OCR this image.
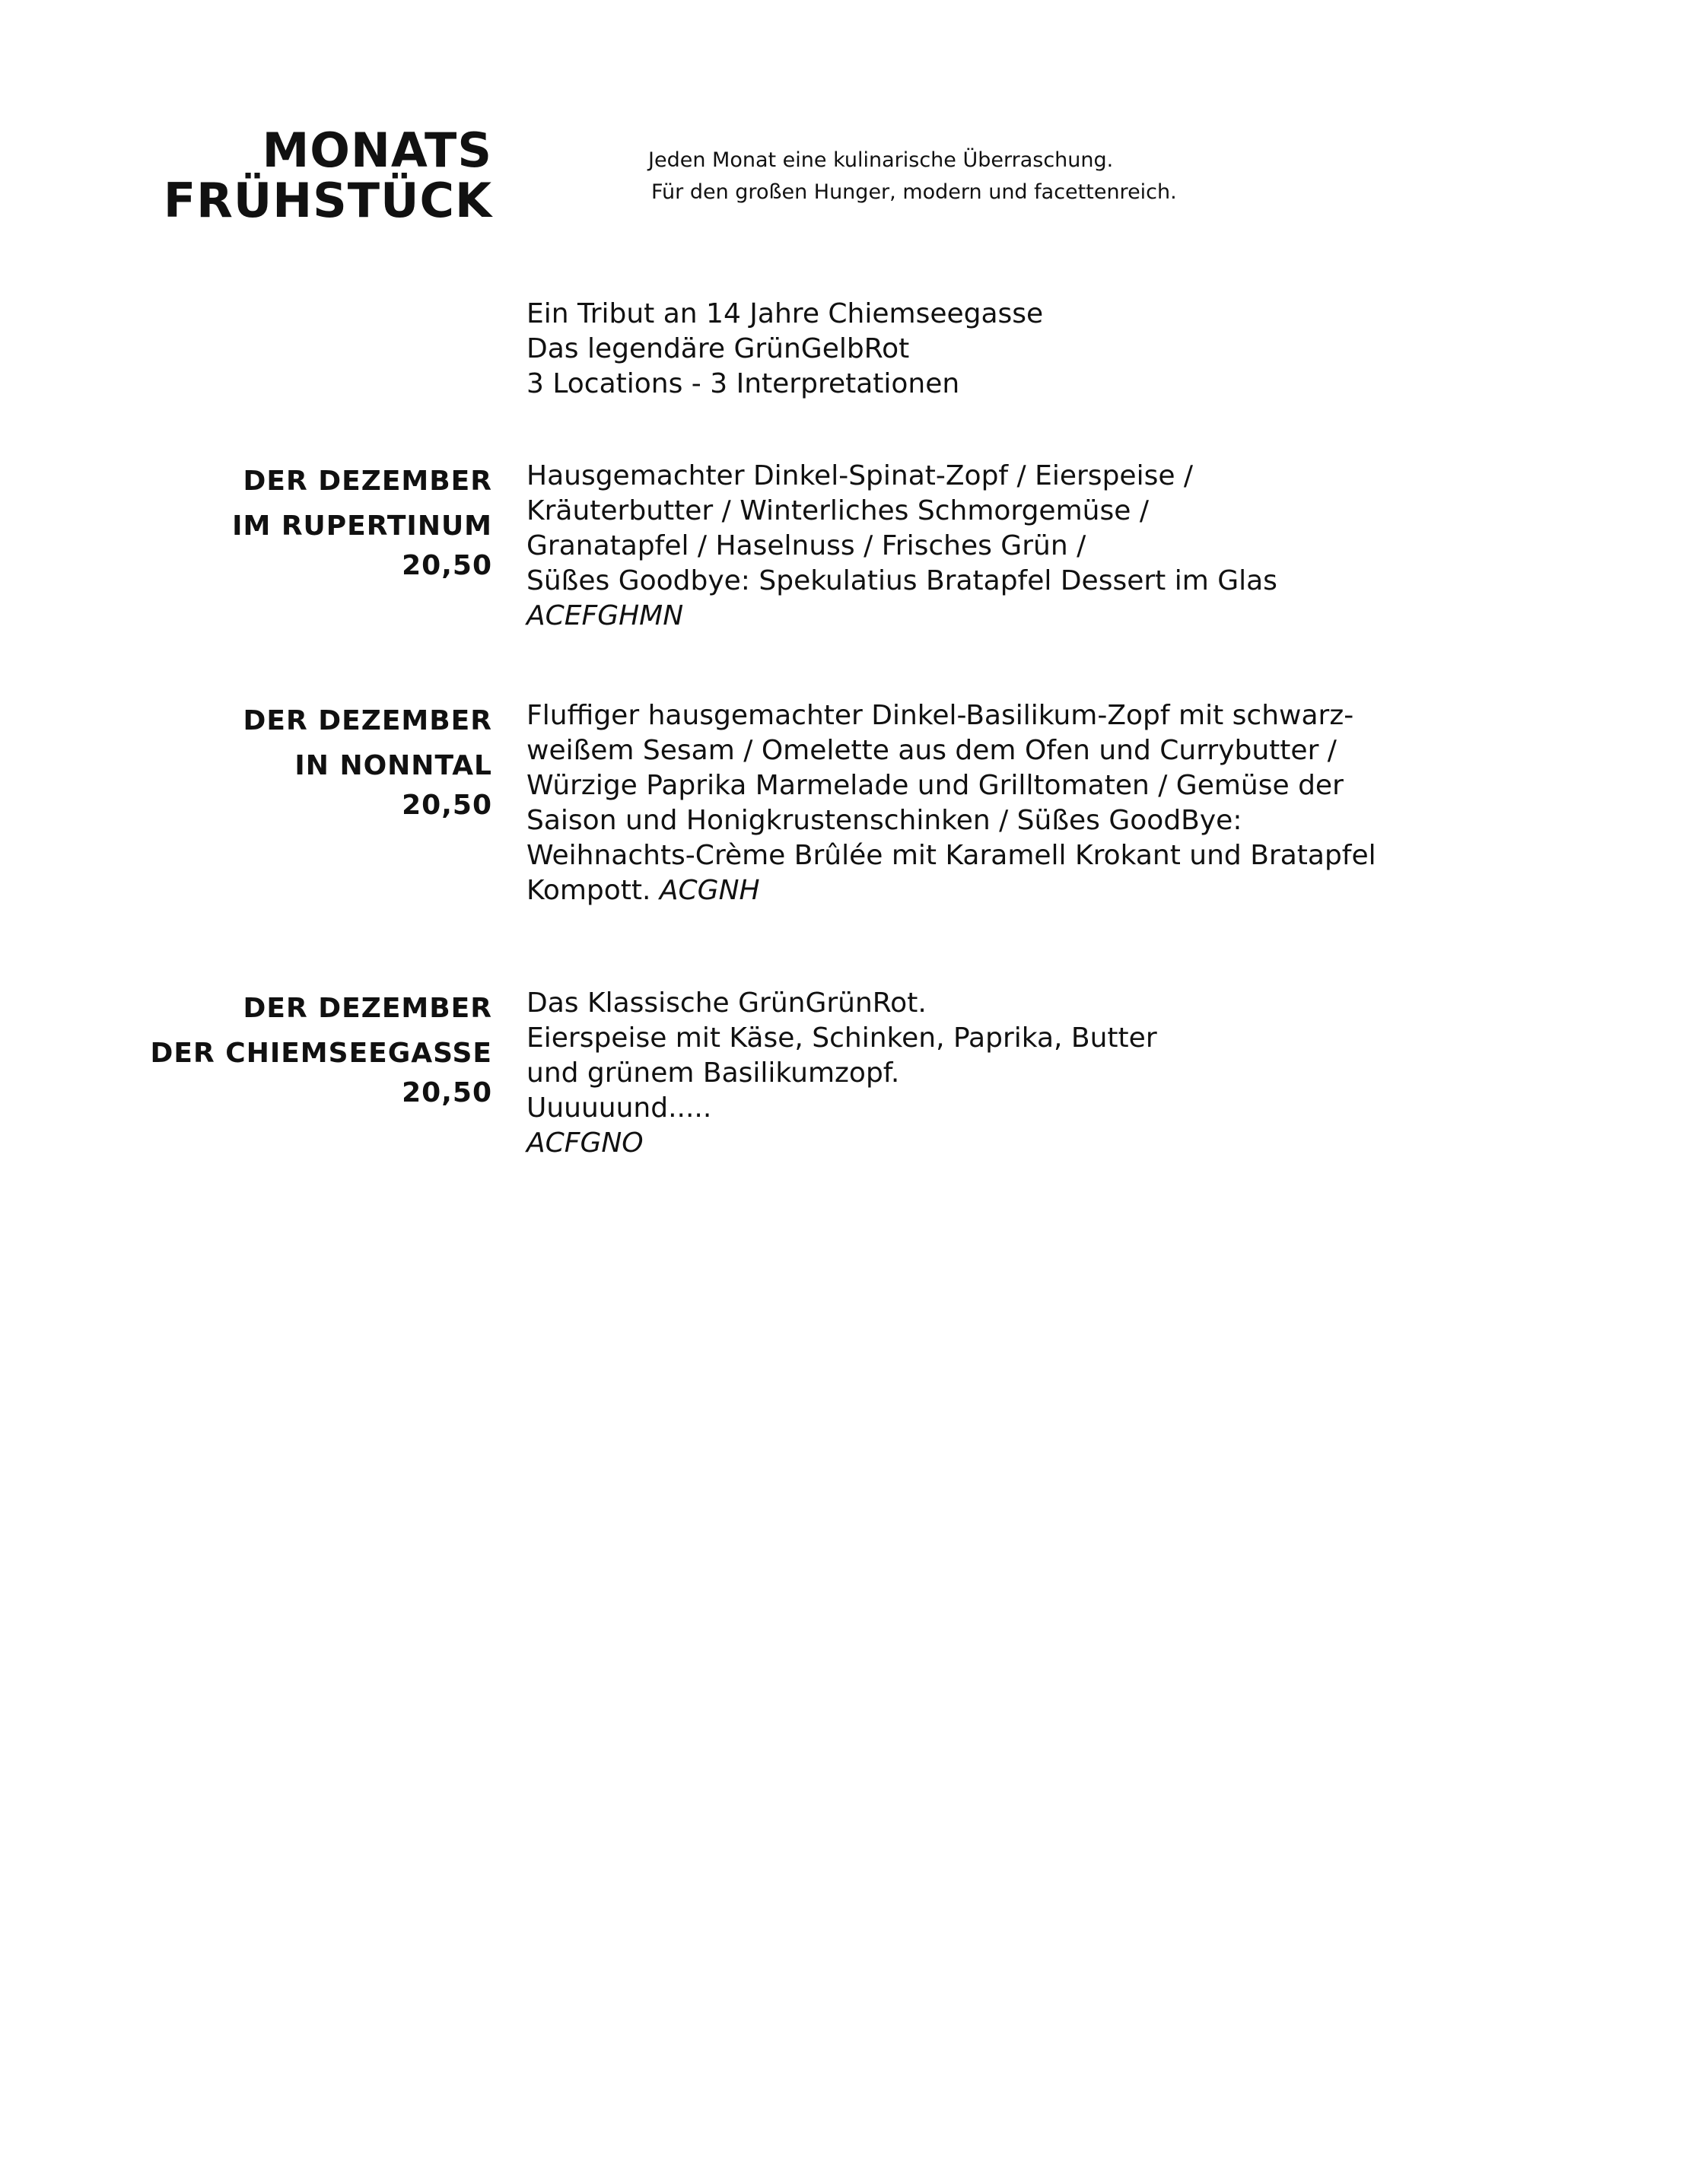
MONATS
FRÜHSTÜCK
Jeden Monat eine kulinarische Überraschung.
Für den großen Hunger, modern und facettenreich.
Ein Tribut an 14 Jahre Chiemseegasse
Das legendäre GrünGelbRot
3 Locations - 3 Interpretationen
DER DEZEMBER
IM RUPERTINUM
20,50
Hausgemachter Dinkel-Spinat-Zopf / Eierspeise /
Kräuterbutter / Winterliches Schmorgemüse /
Granatapfel / Haselnuss / Frisches Grün /
Süßes Goodbye: Spekulatius Bratapfel Dessert im Glas
ACEFGHMN
DER DEZEMBER
IN NONNTAL
20,50
Fluffiger hausgemachter Dinkel-Basilikum-Zopf mit schwarz-
weißem Sesam / Omelette aus dem Ofen und Currybutter /
Würzige Paprika Marmelade und Grilltomaten / Gemüse der
Saison und Honigkrustenschinken / Süßes GoodBye:
Weihnachts-Crème Brûlée mit Karamell Krokant und Bratapfel
Kompott. ACGNH
DER DEZEMBER
DER CHIEMSEEGASSE
20,50
Das Klassische GrünGrünRot.
Eierspeise mit Käse, Schinken, Paprika, Butter
und grünem Basilikumzopf.
Uuuuuund.....
ACFGNO
